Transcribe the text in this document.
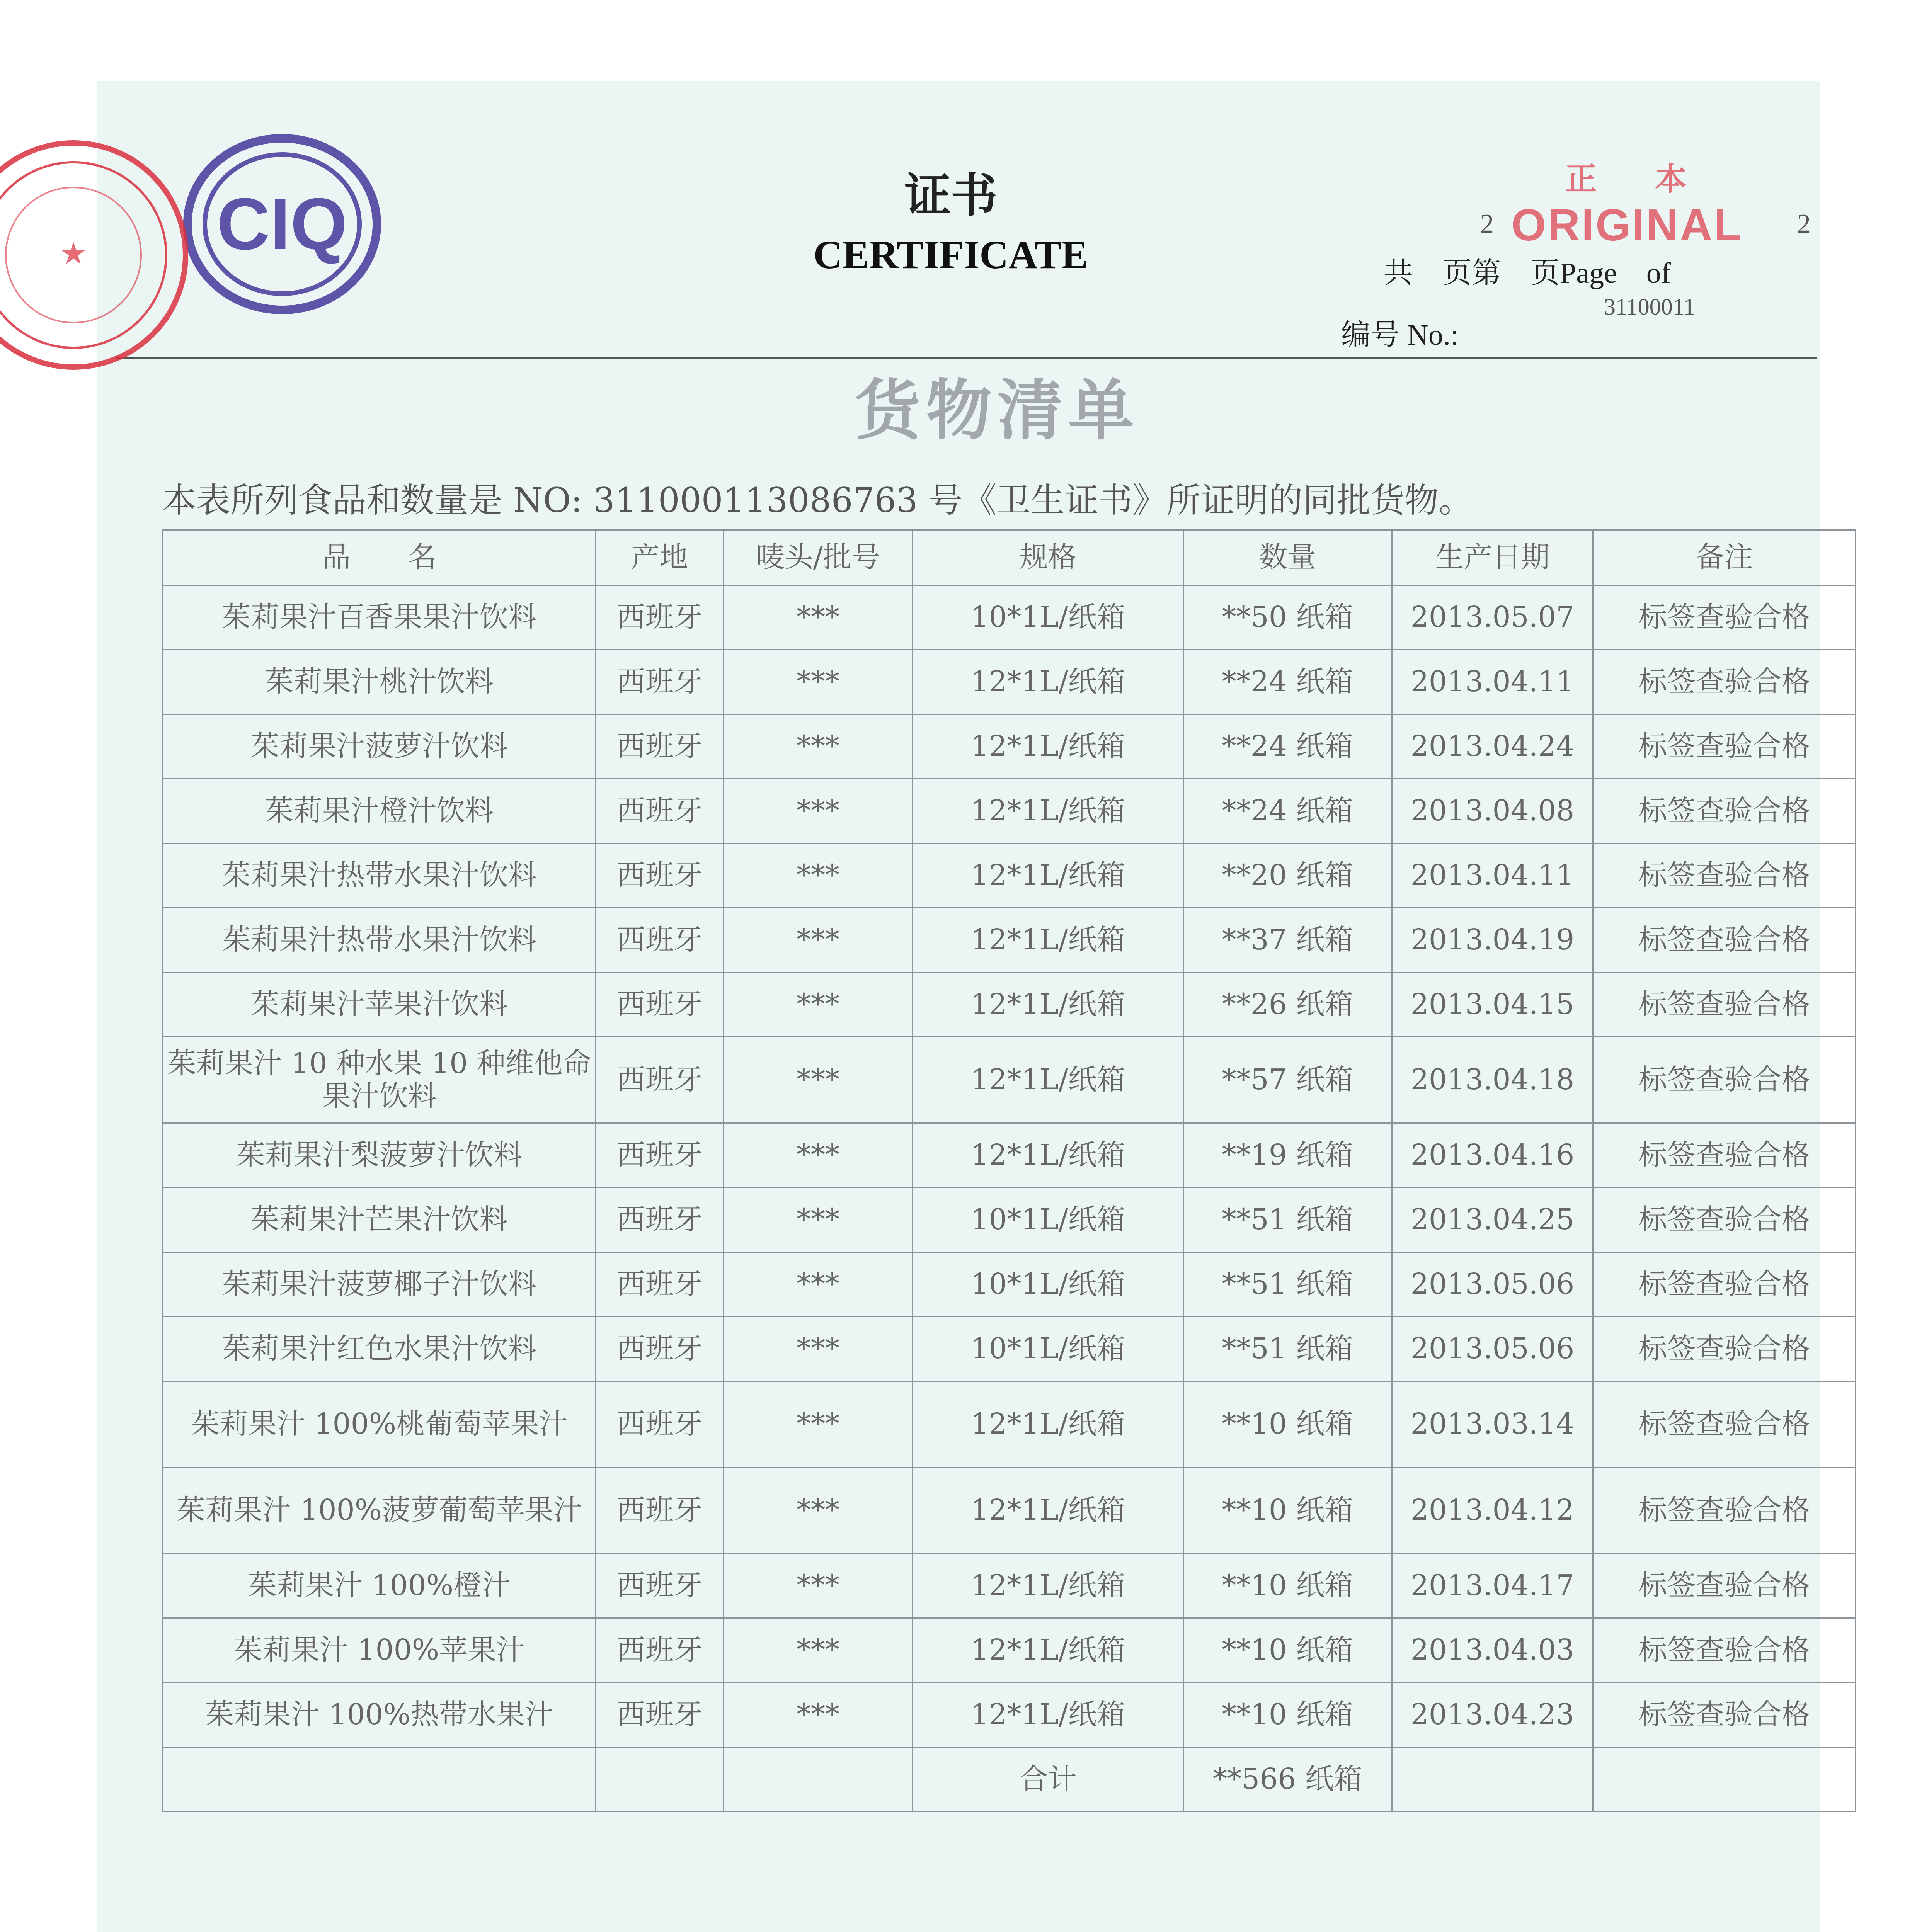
CIQ	证书
CERTIFICATE
正本
2	2
ORIGINAL
共　页第　页Page　of
31100011
编号 No.:
货物清单
本表所列食品和数量是 NO: 311000113086763 号《卫生证书》所证明的同批货物。
品　　名	产地	唛头/批号	规格	数量	生产日期	备注
茱莉果汁百香果果汁饮料	西班牙	***	10*1L/纸箱	**50 纸箱	2013.05.07	标签查验合格
茱莉果汁桃汁饮料	西班牙	***	12*1L/纸箱	**24 纸箱	2013.04.11	标签查验合格
茱莉果汁菠萝汁饮料	西班牙	***	12*1L/纸箱	**24 纸箱	2013.04.24	标签查验合格
茱莉果汁橙汁饮料	西班牙	***	12*1L/纸箱	**24 纸箱	2013.04.08	标签查验合格
茱莉果汁热带水果汁饮料	西班牙	***	12*1L/纸箱	**20 纸箱	2013.04.11	标签查验合格
茱莉果汁热带水果汁饮料	西班牙	***	12*1L/纸箱	**37 纸箱	2013.04.19	标签查验合格
茱莉果汁苹果汁饮料	西班牙	***	12*1L/纸箱	**26 纸箱	2013.04.15	标签查验合格
茱莉果汁 10 种水果 10 种维他命果汁饮料	西班牙	***	12*1L/纸箱	**57 纸箱	2013.04.18	标签查验合格
茱莉果汁梨菠萝汁饮料	西班牙	***	12*1L/纸箱	**19 纸箱	2013.04.16	标签查验合格
茱莉果汁芒果汁饮料	西班牙	***	10*1L/纸箱	**51 纸箱	2013.04.25	标签查验合格
茱莉果汁菠萝椰子汁饮料	西班牙	***	10*1L/纸箱	**51 纸箱	2013.05.06	标签查验合格
茱莉果汁红色水果汁饮料	西班牙	***	10*1L/纸箱	**51 纸箱	2013.05.06	标签查验合格
茱莉果汁 100%桃葡萄苹果汁	西班牙	***	12*1L/纸箱	**10 纸箱	2013.03.14	标签查验合格
茱莉果汁 100%菠萝葡萄苹果汁	西班牙	***	12*1L/纸箱	**10 纸箱	2013.04.12	标签查验合格
茱莉果汁 100%橙汁	西班牙	***	12*1L/纸箱	**10 纸箱	2013.04.17	标签查验合格
茱莉果汁 100%苹果汁	西班牙	***	12*1L/纸箱	**10 纸箱	2013.04.03	标签查验合格
茱莉果汁 100%热带水果汁	西班牙	***	12*1L/纸箱	**10 纸箱	2013.04.23	标签查验合格
			合计	**566 纸箱		
★
